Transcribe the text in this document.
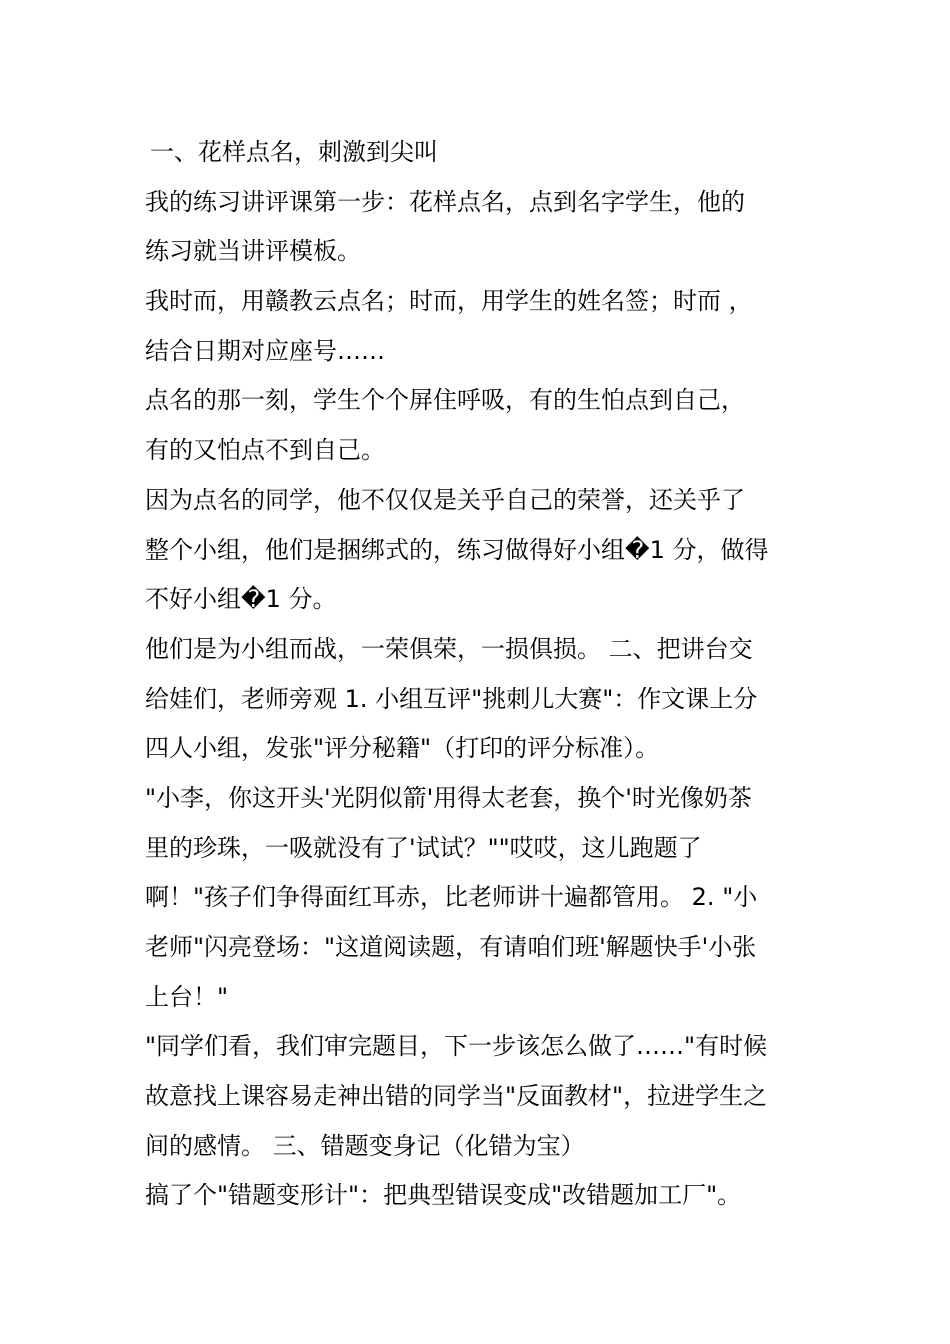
一、花样点名，刺激到尖叫
我的练习讲评课第一步：花样点名，点到名字学生，他的
练习就当讲评模板。
我时而，用赣教云点名；时而，用学生的姓名签；时而 ，
结合日期对应座号……
点名的那一刻，学生个个屏住呼吸，有的生怕点到自己，
有的又怕点不到自己。
因为点名的同学，他不仅仅是关乎自己的荣誉，还关乎了
整个小组，他们是捆绑式的，练习做得好小组�1 分，做得
不好小组�1 分。
他们是为小组而战，一荣俱荣，一损俱损。 二、把讲台交
给娃们，老师旁观 1. 小组互评"挑刺儿大赛"：作文课上分
四人小组，发张"评分秘籍"（打印的评分标准）。
"小李，你这开头'光阴似箭'用得太老套，换个'时光像奶茶
里的珍珠，一吸就没有了'试试？""哎哎，这儿跑题了
啊！"孩子们争得面红耳赤，比老师讲十遍都管用。 2. "小
老师"闪亮登场："这道阅读题，有请咱们班'解题快手'小张
上台！"
"同学们看，我们审完题目，下一步该怎么做了……"有时候
故意找上课容易走神出错的同学当"反面教材"，拉进学生之
间的感情。 三、错题变身记（化错为宝）
搞了个"错题变形计"：把典型错误变成"改错题加工厂"。
